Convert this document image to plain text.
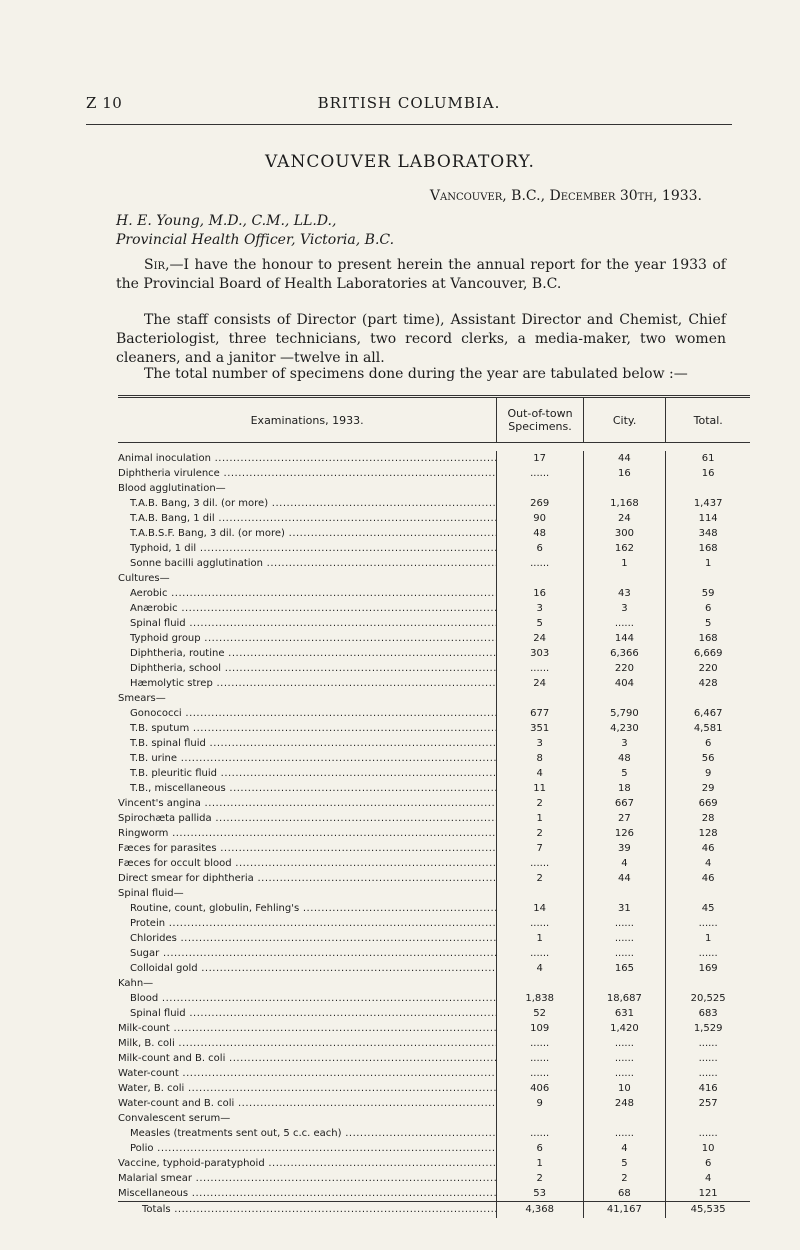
Z 10	BRITISH COLUMBIA.
VANCOUVER LABORATORY.
Vancouver, B.C., December 30th, 1933.
H. E. Young, M.D., C.M., LL.D.,
Provincial Health Officer, Victoria, B.C.
Sir,—I have the honour to present herein the annual report for the year 1933 of the Provincial Board of Health Laboratories at Vancouver, B.C.
The staff consists of Director (part time), Assistant Director and Chemist, Chief Bacteriologist, three technicians, two record clerks, a media-maker, two women cleaners, and a janitor —twelve in all.
The total number of specimens done during the year are tabulated below :—
Examinations, 1933.	Out-of-town Specimens.	City.	Total.
Animal inoculation .....	17	44	61
Diphtheria virulence .....	......	16	16
Blood agglutination—
T.A.B. Bang, 3 dil. (or more) .....	269	1,168	1,437
T.A.B. Bang, 1 dil .....	90	24	114
T.A.B.S.F. Bang, 3 dil. (or more) .....	48	300	348
Typhoid, 1 dil .....	6	162	168
Sonne bacilli agglutination .....	......	1	1
Cultures—
Aerobic .....	16	43	59
Anærobic .....	3	3	6
Spinal fluid .....	5	......	5
Typhoid group .....	24	144	168
Diphtheria, routine .....	303	6,366	6,669
Diphtheria, school .....	......	220	220
Hæmolytic strep .....	24	404	428
Smears—
Gonococci .....	677	5,790	6,467
T.B. sputum .....	351	4,230	4,581
T.B. spinal fluid .....	3	3	6
T.B. urine .....	8	48	56
T.B. pleuritic fluid .....	4	5	9
T.B., miscellaneous .....	11	18	29
Vincent's angina .....	2	667	669
Spirochæta pallida .....	1	27	28
Ringworm .....	2	126	128
Fæces for parasites .....	7	39	46
Fæces for occult blood .....	......	4	4
Direct smear for diphtheria .....	2	44	46
Spinal fluid—
Routine, count, globulin, Fehling's .....	14	31	45
Protein .....	......	......	......
Chlorides .....	1	......	1
Sugar .....	......	......	......
Colloidal gold .....	4	165	169
Kahn—
Blood .....	1,838	18,687	20,525
Spinal fluid .....	52	631	683
Milk-count .....	109	1,420	1,529
Milk, B. coli .....	......	......	......
Milk-count and B. coli .....	......	......	......
Water-count .....	......	......	......
Water, B. coli .....	406	10	416
Water-count and B. coli .....	9	248	257
Convalescent serum—
Measles (treatments sent out, 5 c.c. each) .....	......	......	......
Polio .....	6	4	10
Vaccine, typhoid-paratyphoid .....	1	5	6
Malarial smear .....	2	2	4
Miscellaneous .....	53	68	121
Totals .....	4,368	41,167	45,535
